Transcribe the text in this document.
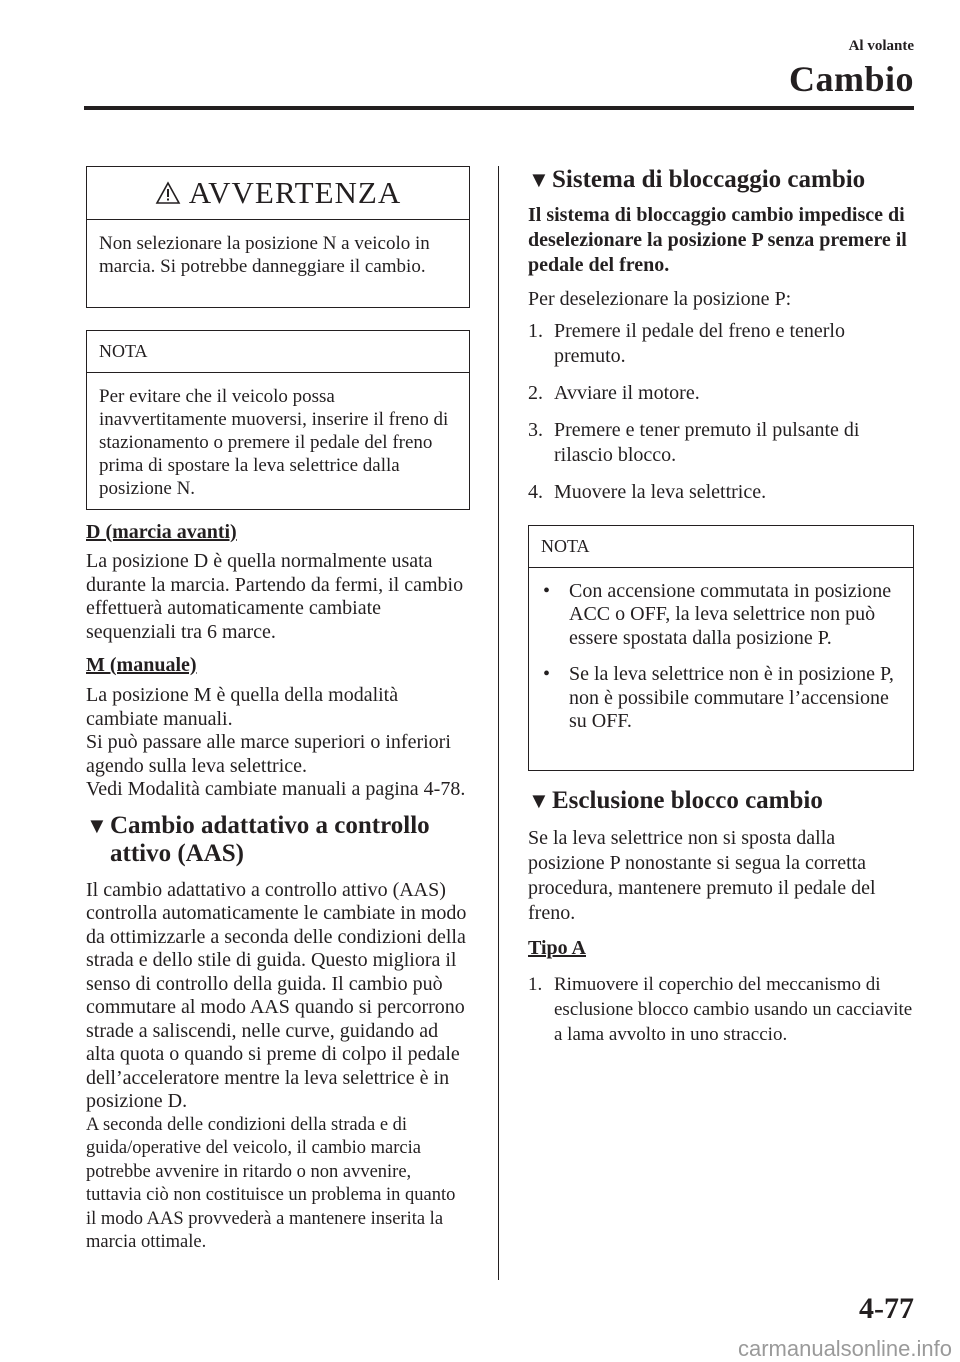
Al volante
Cambio
AVVERTENZA
Non selezionare la posizione N a veicolo in marcia. Si potrebbe danneggiare il cambio.
NOTA
Per evitare che il veicolo possa inavvertitamente muoversi, inserire il freno di stazionamento o premere il pedale del freno prima di spostare la leva selettrice dalla posizione N.

D (marcia avanti)

La posizione D è quella normalmente usata durante la marcia. Partendo da fermi, il cambio effettuerà automaticamente cambiate sequenziali tra 6 marce.

M (manuale)

La posizione M è quella della modalità cambiate manuali.

Si può passare alle marce superiori o inferiori agendo sulla leva selettrice.

Vedi Modalità cambiate manuali a pagina 4-78.

▼ Cambio adattativo a controllo attivo (AAS)

Il cambio adattativo a controllo attivo (AAS) controlla automaticamente le cambiate in modo da ottimizzarle a seconda delle condizioni della strada e dello stile di guida. Questo migliora il senso di controllo della guida. Il cambio può commutare al modo AAS quando si percorrono strade a saliscendi, nelle curve, guidando ad alta quota o quando si preme di colpo il pedale dell’acceleratore mentre la leva selettrice è in posizione D.

A seconda delle condizioni della strada e di guida/operative del veicolo, il cambio marcia potrebbe avvenire in ritardo o non avvenire, tuttavia ciò non costituisce un problema in quanto il modo AAS provvederà a mantenere inserita la marcia ottimale.

▼ Sistema di bloccaggio cambio

Il sistema di bloccaggio cambio impedisce di deselezionare la posizione P senza premere il pedale del freno.

Per deselezionare la posizione P:

1. Premere il pedale del freno e tenerlo premuto.
2. Avviare il motore.
3. Premere e tener premuto il pulsante di rilascio blocco.
4. Muovere la leva selettrice.
NOTA
• Con accensione commutata in posizione ACC o OFF, la leva selettrice non può essere spostata dalla posizione P.
• Se la leva selettrice non è in posizione P, non è possibile commutare l’accensione su OFF.
▼ Esclusione blocco cambio

Se la leva selettrice non si sposta dalla posizione P nonostante si segua la corretta procedura, mantenere premuto il pedale del freno.

Tipo A

1. Rimuovere il coperchio del meccanismo di esclusione blocco cambio usando un cacciavite a lama avvolto in uno straccio.
4-77
carmanualsonline.info
